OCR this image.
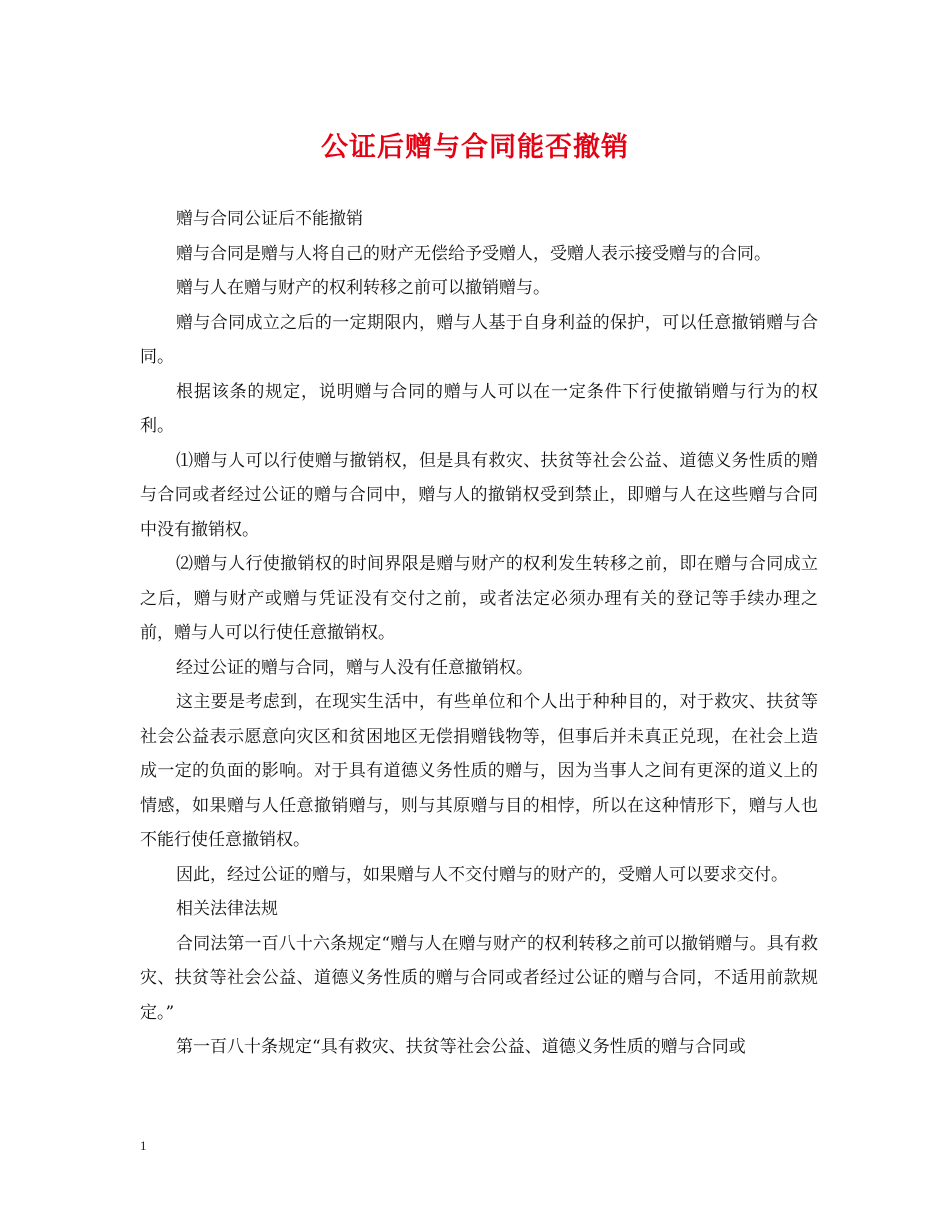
公证后赠与合同能否撤销

赠与合同公证后不能撤销

赠与合同是赠与人将自己的财产无偿给予受赠人，受赠人表示接受赠与的合同。

赠与人在赠与财产的权利转移之前可以撤销赠与。

赠与合同成立之后的一定期限内，赠与人基于自身利益的保护，可以任意撤销赠与合同。

根据该条的规定，说明赠与合同的赠与人可以在一定条件下行使撤销赠与行为的权利。

⑴赠与人可以行使赠与撤销权，但是具有救灾、扶贫等社会公益、道德义务性质的赠与合同或者经过公证的赠与合同中，赠与人的撤销权受到禁止，即赠与人在这些赠与合同中没有撤销权。

⑵赠与人行使撤销权的时间界限是赠与财产的权利发生转移之前，即在赠与合同成立之后，赠与财产或赠与凭证没有交付之前，或者法定必须办理有关的登记等手续办理之前，赠与人可以行使任意撤销权。

经过公证的赠与合同，赠与人没有任意撤销权。

这主要是考虑到，在现实生活中，有些单位和个人出于种种目的，对于救灾、扶贫等社会公益表示愿意向灾区和贫困地区无偿捐赠钱物等，但事后并未真正兑现，在社会上造成一定的负面的影响。对于具有道德义务性质的赠与，因为当事人之间有更深的道义上的情感，如果赠与人任意撤销赠与，则与其原赠与目的相悖，所以在这种情形下，赠与人也不能行使任意撤销权。

因此，经过公证的赠与，如果赠与人不交付赠与的财产的，受赠人可以要求交付。

相关法律法规

合同法第一百八十六条规定“赠与人在赠与财产的权利转移之前可以撤销赠与。具有救灾、扶贫等社会公益、道德义务性质的赠与合同或者经过公证的赠与合同，不适用前款规定。”

第一百八十条规定“具有救灾、扶贫等社会公益、道德义务性质的赠与合同或

1
